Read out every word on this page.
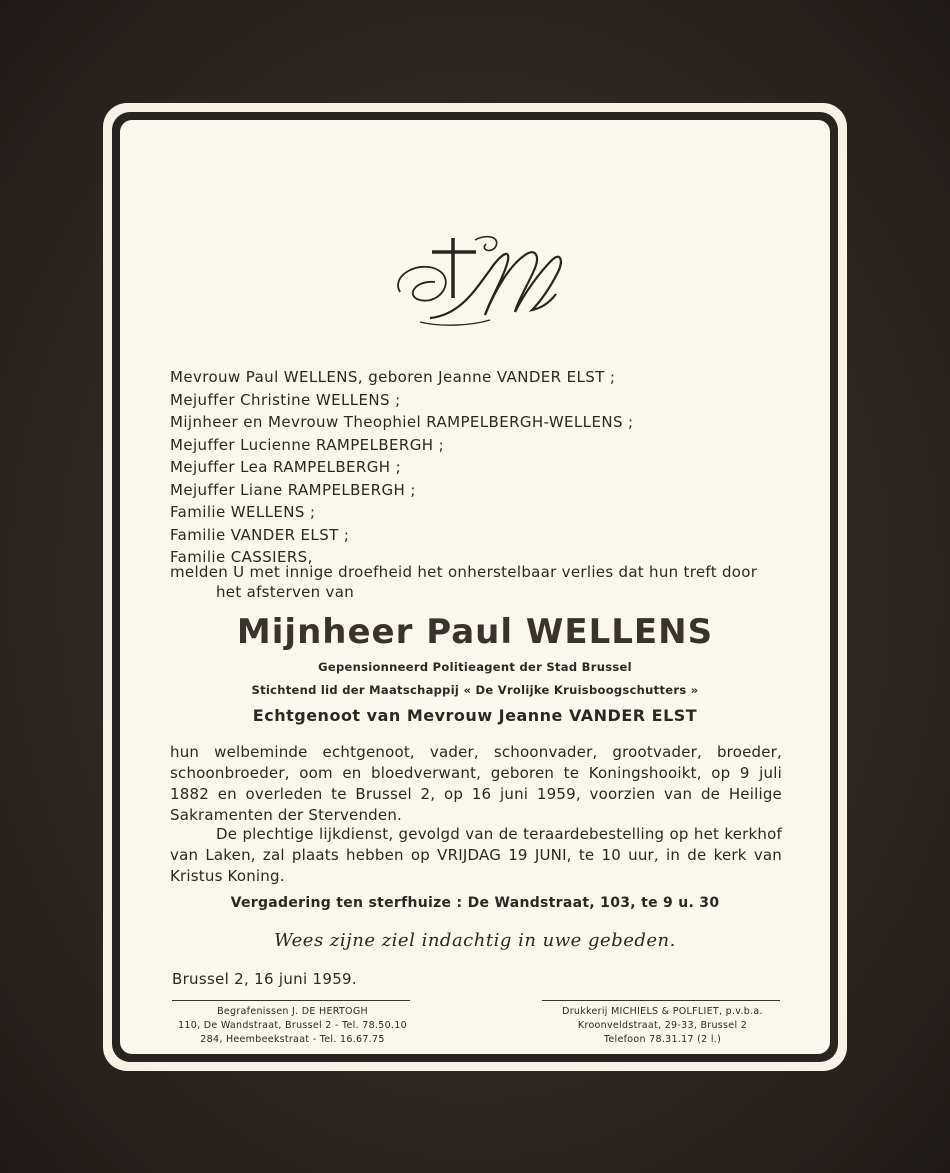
Mevrouw Paul WELLENS, geboren Jeanne VANDER ELST ;
Mejuffer Christine WELLENS ;
Mijnheer en Mevrouw Theophiel RAMPELBERGH-WELLENS ;
Mejuffer Lucienne RAMPELBERGH ;
Mejuffer Lea RAMPELBERGH ;
Mejuffer Liane RAMPELBERGH ;
Familie WELLENS ;
Familie VANDER ELST ;
Familie CASSIERS,
melden U met innige droefheid het onherstelbaar verlies dat hun treft door
het afsterven van
Mijnheer Paul WELLENS
Gepensionneerd Politieagent der Stad Brussel
Stichtend lid der Maatschappij « De Vrolijke Kruisboogschutters »
Echtgenoot van Mevrouw Jeanne VANDER ELST
hun welbeminde echtgenoot, vader, schoonvader, grootvader, broeder, schoonbroeder, oom en bloedverwant, geboren te Koningshooikt, op 9 juli 1882 en overleden te Brussel 2, op 16 juni 1959, voorzien van de Heilige Sakramenten der Stervenden.
De plechtige lijkdienst, gevolgd van de teraardebestelling op het kerkhof van Laken, zal plaats hebben op VRIJDAG 19 JUNI, te 10 uur, in de kerk van Kristus Koning.
Vergadering ten sterfhuize : De Wandstraat, 103, te 9 u. 30
Wees zijne ziel indachtig in uwe gebeden.
Brussel 2, 16 juni 1959.
Begrafenissen J. DE HERTOGH
110, De Wandstraat, Brussel 2 - Tel. 78.50.10
284, Heembeekstraat - Tel. 16.67.75
Drukkerij MICHIELS & POLFLIET, p.v.b.a.
Kroonveldstraat, 29-33, Brussel 2
Telefoon 78.31.17 (2 l.)
